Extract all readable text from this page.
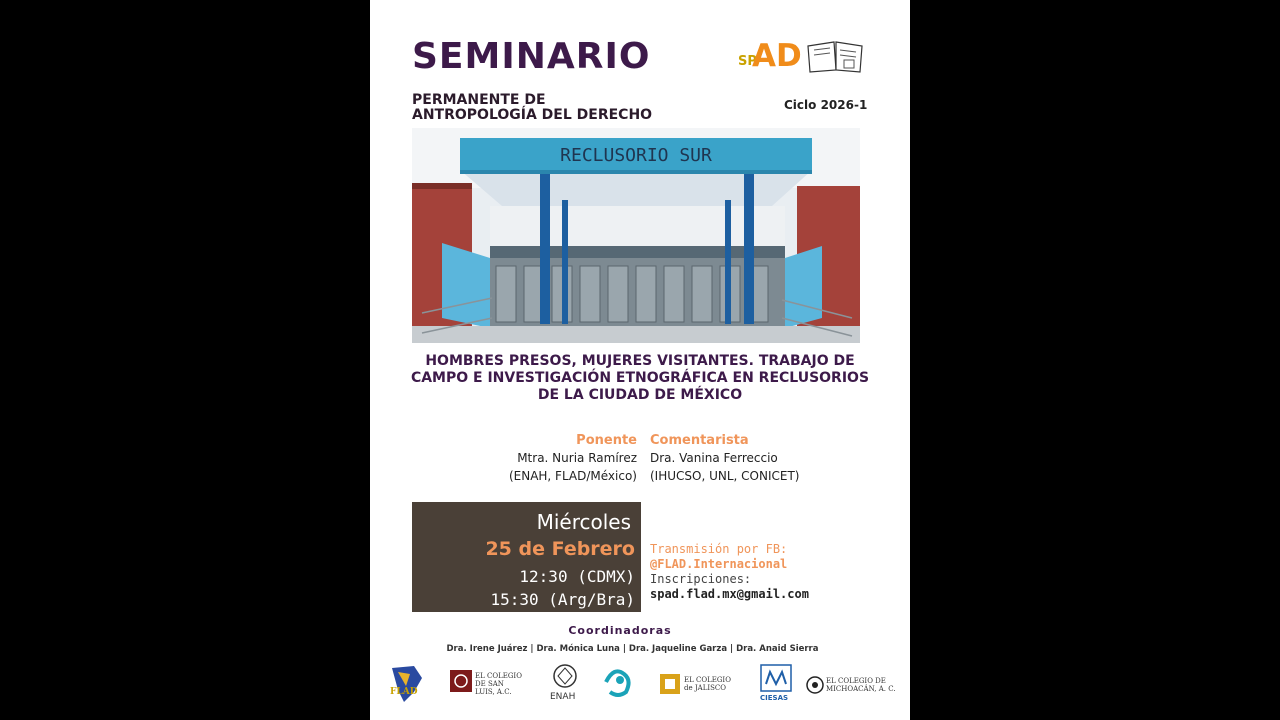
SEMINARIO	SP
AD
PERMANENTE DE
ANTROPOLOGÍA DEL DERECHO
Ciclo 2026-1
RECLUSORIO SUR
HOMBRES PRESOS, MUJERES VISITANTES. TRABAJO DE CAMPO E INVESTIGACIÓN ETNOGRÁFICA EN RECLUSORIOS DE LA CIUDAD DE MÉXICO
Ponente
Mtra. Nuria Ramírez
(ENAH, FLAD/México)
Comentarista
Dra. Vanina Ferreccio
(IHUCSO, UNL, CONICET)
Miércoles
25 de Febrero
12:30 (CDMX)
15:30 (Arg/Bra)
Transmisión por FB:
@FLAD.Internacional
Inscripciones:
spad.flad.mx@gmail.com
Coordinadoras
Dra. Irene Juárez | Dra. Mónica Luna | Dra. Jaqueline Garza | Dra. Anaid Sierra
FLAD
EL COLEGIO DE SAN LUIS, A.C.	ENAH
EL COLEGIO de JALISCO
CIESAS
EL COLEGIO DE MICHOACÁN, A. C.
